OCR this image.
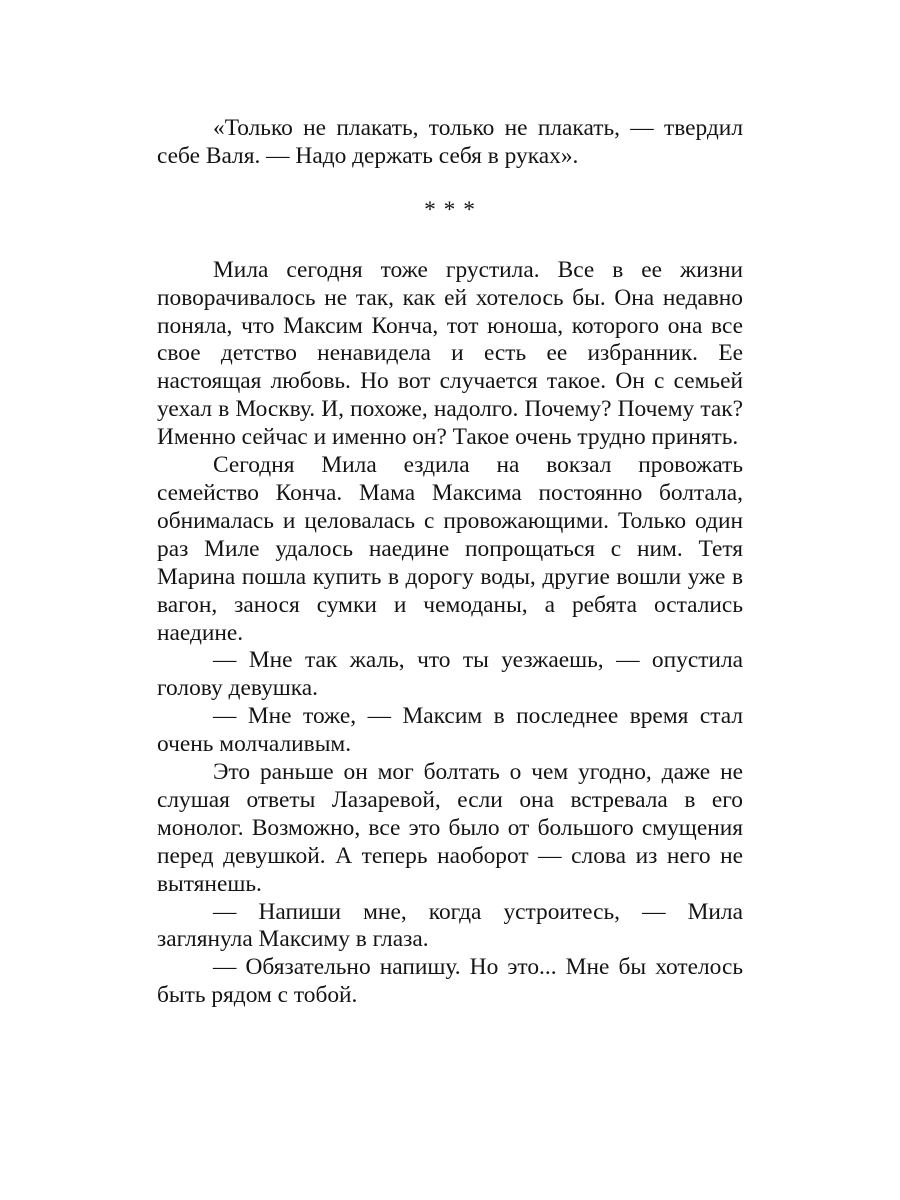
«Только не плакать, только не плакать, — твердил себе Валя. — Надо держать себя в руках».

* * *

Мила сегодня тоже грустила. Все в ее жизни поворачивалось не так, как ей хотелось бы. Она недавно поняла, что Максим Конча, тот юноша, которого она все свое детство ненавидела и есть ее избранник. Ее настоящая любовь. Но вот случается такое. Он с семьей уехал в Москву. И, похоже, надолго. Почему? Почему так? Именно сейчас и именно он? Такое очень трудно принять.

Сегодня Мила ездила на вокзал провожать семейство Конча. Мама Максима постоянно болтала, обнималась и целовалась с провожающими. Только один раз Миле удалось наедине попрощаться с ним. Тетя Марина пошла купить в дорогу воды, другие вошли уже в вагон, занося сумки и чемоданы, а ребята остались наедине.

— Мне так жаль, что ты уезжаешь, — опустила голову девушка.

— Мне тоже, — Максим в последнее время стал очень молчаливым.

Это раньше он мог болтать о чем угодно, даже не слушая ответы Лазаревой, если она встревала в его монолог. Возможно, все это было от большого смущения перед девушкой. А теперь наоборот — слова из него не вытянешь.

— Напиши мне, когда устроитесь, — Мила заглянула Максиму в глаза.

— Обязательно напишу. Но это... Мне бы хотелось быть рядом с тобой.
